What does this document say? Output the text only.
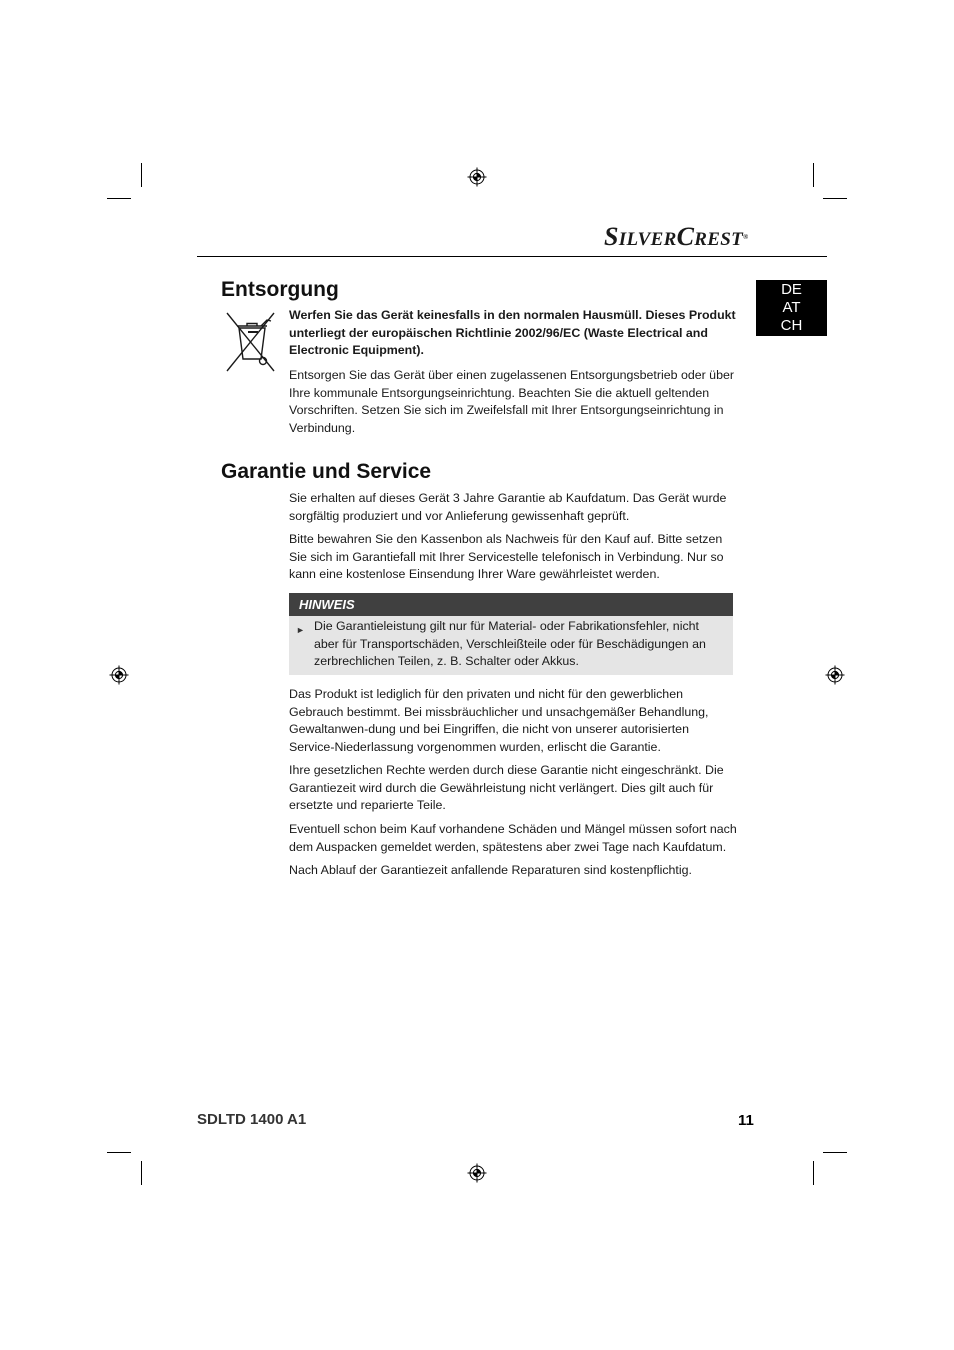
SILVERCREST®
DE
AT
CH
Entsorgung

Werfen Sie das Gerät keinesfalls in den normalen Hausmüll. Dieses Produkt unterliegt der europäischen Richtlinie 2002/96/EC (Waste Electrical and Electronic Equipment).

Entsorgen Sie das Gerät über einen zugelassenen Entsorgungsbetrieb oder über Ihre kommunale Entsorgungseinrichtung. Beachten Sie die aktuell geltenden Vorschriften. Setzen Sie sich im Zweifelsfall mit Ihrer Entsorgungseinrichtung in Verbindung.

Garantie und Service

Sie erhalten auf dieses Gerät 3 Jahre Garantie ab Kaufdatum. Das Gerät wurde sorgfältig produziert und vor Anlieferung gewissenhaft geprüft.

Bitte bewahren Sie den Kassenbon als Nachweis für den Kauf auf. Bitte setzen Sie sich im Garantiefall mit Ihrer Servicestelle telefonisch in Verbindung. Nur so kann eine kostenlose Einsendung Ihrer Ware gewährleistet werden.

HINWEIS
► Die Garantieleistung gilt nur für Material- oder Fabrikationsfehler, nicht aber für Transportschäden, Verschleißteile oder für Beschädigungen an zerbrechlichen Teilen, z. B. Schalter oder Akkus.

Das Produkt ist lediglich für den privaten und nicht für den gewerblichen Gebrauch bestimmt. Bei missbräuchlicher und unsachgemäßer Behandlung, Gewaltanwen-dung und bei Eingriffen, die nicht von unserer autorisierten Service-Niederlassung vorgenommen wurden, erlischt die Garantie.

Ihre gesetzlichen Rechte werden durch diese Garantie nicht eingeschränkt. Die Garantiezeit wird durch die Gewährleistung nicht verlängert. Dies gilt auch für ersetzte und reparierte Teile.

Eventuell schon beim Kauf vorhandene Schäden und Mängel müssen sofort nach dem Auspacken gemeldet werden, spätestens aber zwei Tage nach Kaufdatum.

Nach Ablauf der Garantiezeit anfallende Reparaturen sind kostenpflichtig.

SDLTD 1400 A1	11
